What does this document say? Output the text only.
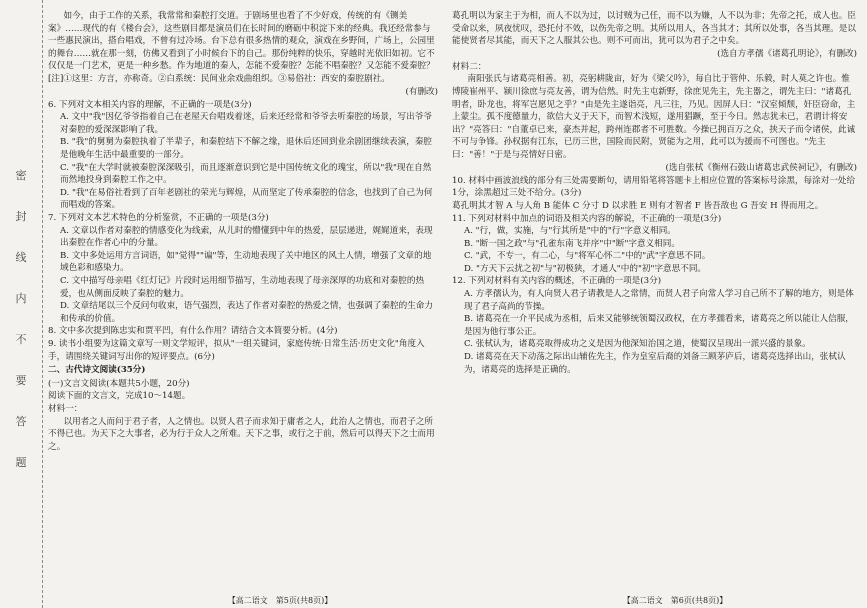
密
封
线
内
不
要
答
题
如今，由于工作的关系，我常常和秦腔打交道。于剧场里也看了不少好戏，传统的有《铡美案》……现代的有《楼台会》，这些剧目都是演员们在长时间的磨砺中积淀下来的经典。我还经常参与一些惠民演出，搭台唱戏，不曾有过冷场。台下总有很多热情的观众，演戏在乡野间，广场上，公园里的舞台……就在那一刻，仿佛又看到了小时候台下的自己。那份纯粹的快乐，穿越时光依旧如初。它不仅仅是一门艺术，更是一种乡愁。作为地道的秦人，怎能不爱秦腔？怎能不唱秦腔？又怎能不爱秦腔？
[注]①这里：方言，亦称奇。②白系统：民间业余戏曲组织。③易俗社：西安的秦腔剧社。
(有删改)
6. 下列对文本相关内容的理解，不正确的一项是(3分)
A. 文中"我"因亿爷爷指着自己在老屋天台唱戏着迷，后来还经常和爷爷去听秦腔的场景，写出爷爷对秦腔的爱深深影响了我。
B. "我"的舅舅为秦腔执着了半辈子，和秦腔结下不解之缘，退休后还回到业余剧团继续表演，秦腔是他晚年生活中最重要的一部分。
C. "我"在大学时就被秦腔深深吸引，而且逐渐意识到它是中国传统文化的瑰宝，所以"我"现在自然而然地投身到秦腔工作之中。
D. "我"在易俗社看到了百年老剧社的荣光与辉煌，从而坚定了传承秦腔的信念，也找到了自己为何而唱戏的答案。
7. 下列对文本艺术特色的分析鉴赏，不正确的一项是(3分)
A. 文章以作者对秦腔的情感变化为线索，从儿时的懵懂到中年的热爱，层层递进，娓娓道来，表现出秦腔在作者心中的分量。
B. 文中多处运用方言词语，如"觉得""谝"等，生动地表现了关中地区的风土人情，增强了文章的地域色彩和感染力。
C. 文中描写母亲唱《红灯记》片段时运用细节描写，生动地表现了母亲深厚的功底和对秦腔的热爱，也从侧面反映了秦腔的魅力。
D. 文章结尾以三个反问句收束，语气强烈，表达了作者对秦腔的热爱之情，也强调了秦腔的生命力和传承的价值。
8. 文中多次提到陈忠实和贾平凹，有什么作用？请结合文本简要分析。(4分)
9. 读书小组要为这篇文章写一则文学短评，拟从"一组关键词，家庭传统·日常生活·历史文化"角度入手，请围绕关键词写出你的短评要点。(6分)
二、古代诗文阅读(35分)
(一)文言文阅读(本题共5小题，20分)
阅读下面的文言文，完成10～14题。
材料一：
以用者之人而问于君子者，人之情也。以贤人君子而求知于庸者之人，此治人之情也，而君子之所不得已也。为天下之大事者，必为行于众人之所难。天下之事，或行之于前，然后可以得天下之士而用之。
葛孔明以为家主于为相，而人不以为过，以讨贼为己任，而不以为嫌，人不以为非；先帝之托，成人也。臣受命以来，夙夜忧叹，恐托付不效，以伤先帝之明。其所以用人，各当其才；其所以处事，各当其理。是以能使贤者尽其能，而天下之人服其公也。则不可而出，犹可以为君子之中矣。
(选自方孝孺《诸葛孔明论》，有删改)
材料二：
南阳张氏与诸葛亮相善。初，亮躬耕陇亩，好为《梁父吟》，每自比于管仲、乐毅，时人莫之许也。惟博陵崔州平、颍川徐庶与亮友善，谓为信然。时先主屯新野，徐庶见先主，先主器之，谓先主曰："诸葛孔明者，卧龙也，将军岂愿见之乎？"由是先主遂诣亮，凡三往，乃见。因屏人曰："汉室倾颓，奸臣窃命，主上蒙尘。孤不度德量力，欲信大义于天下，而智术浅短，遂用猖蹶，至于今日。然志犹未已，君谓计将安出？"亮答曰："自董卓已来，豪杰并起，跨州连郡者不可胜数。今操已拥百万之众，挟天子而令诸侯，此诚不可与争锋。孙权据有江东，已历三世，国险而民附，贤能为之用，此可以为援而不可图也。"先主曰："善！"于是与亮情好日密。
(选自张栻《衡州石鼓山诸葛忠武侯祠记》，有删改)
10. 材料中画波浪线的部分有三处需要断句，请用铅笔将答题卡上相应位置的答案标号涂黑，每涂对一处给1分，涂黑超过三处不给分。(3分)
葛孔明其才智 A 与人角 B 能体 C 分寸 D 以求胜 E 则有才智者 F 皆吾敌也 G 吾安 H 得而用之。
11. 下列对材料中加点的词语及相关内容的解说，不正确的一项是(3分)
A. "行，做，实施，与"行其所是"中的"行"字意义相同。
B. "断一国之政"与"孔雀东南飞并序"中"断"字意义相同。
C. "武，不专一，有二心，与"将军心怀二"中的"武"字意思不同。
D. "方天下云扰之初"与"初极狭，才通人"中的"初"字意思不同。
12. 下列对材料有关内容的概述，不正确的一项是(3分)
A. 方孝孺认为，有人向贤人君子请教是人之常情，而贤人君子向常人学习自己所不了解的地方，则是体现了君子高尚的节操。
B. 诸葛亮在一介平民成为丞相，后来又能够统领蜀汉政权，在方孝孺看来，诸葛亮之所以能让人信服，是因为他行事公正。
C. 张栻认为，诸葛亮取得成功之义是因为他深知治国之道，使蜀汉呈现出一派兴盛的景象。
D. 诸葛亮在天下动荡之际出山辅佐先主，作为皇室后裔的刘备三顾茅庐后，诸葛亮选择出山，张栻认为，诸葛亮的选择是正确的。
【高二语文　第5页(共8页)】	【高二语文　第6页(共8页)】
